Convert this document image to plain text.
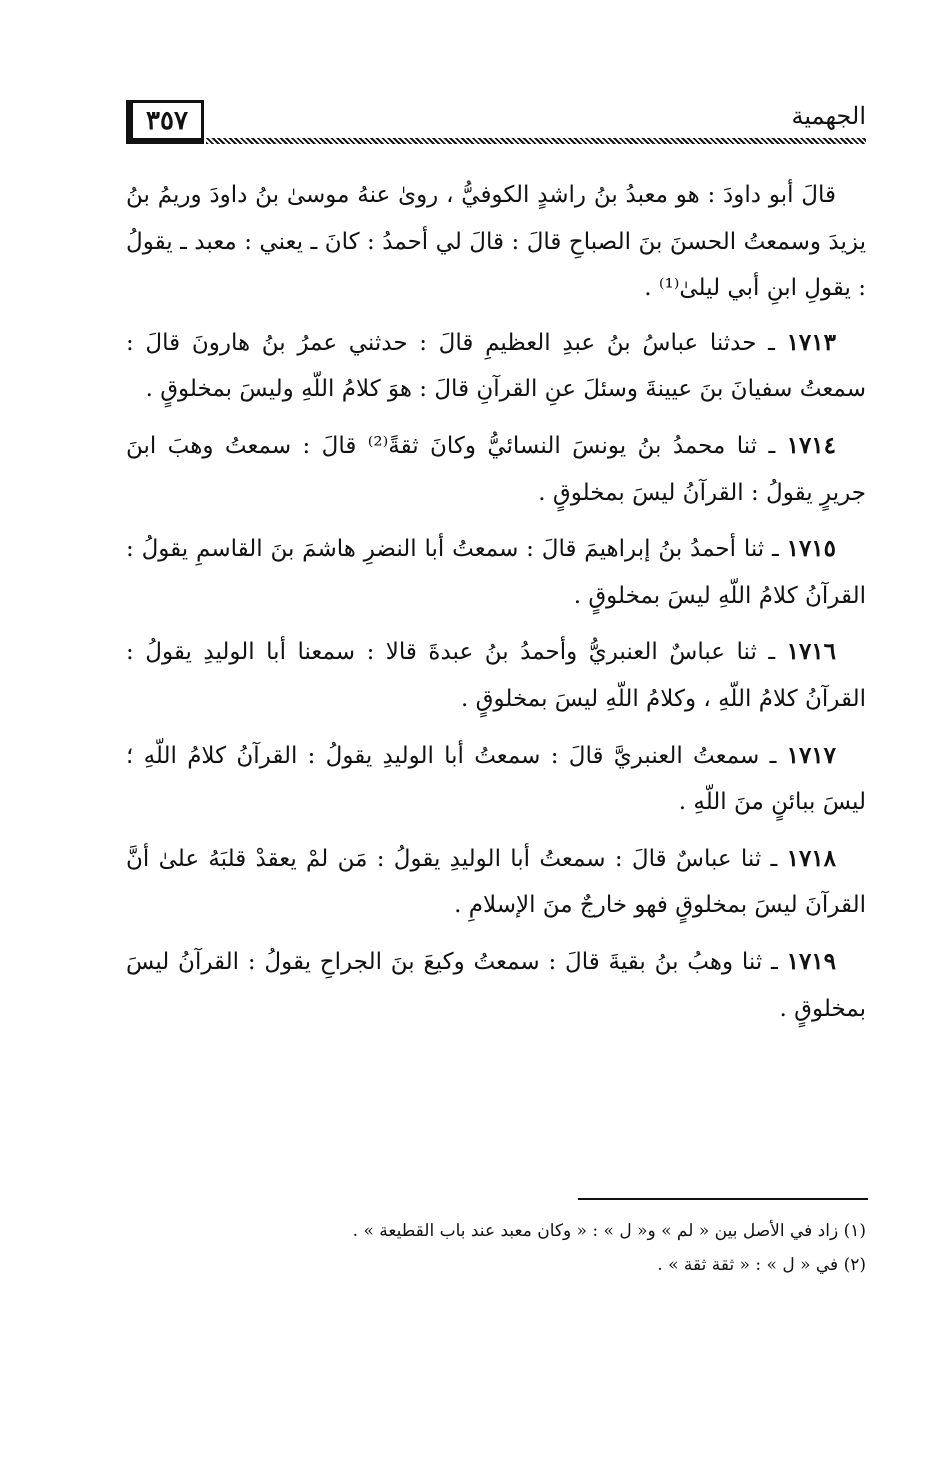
٣٥٧	الجهمية

قالَ أبو داودَ : هو معبدُ بنُ راشدٍ الكوفيُّ ، روىٰ عنهُ موسىٰ بنُ داودَ وريمُ بنُ يزيدَ وسمعتُ الحسنَ بنَ الصباحِ قالَ : قالَ لي أحمدُ : كانَ ـ يعني : معبد ـ يقولُ : يقولِ ابنِ أبي ليلىٰ⁽¹⁾ .

١٧١٣ ـ حدثنا عباسُ بنُ عبدِ العظيمِ قالَ : حدثني عمرُ بنُ هارونَ قالَ : سمعتُ سفيانَ بنَ عيينةَ وسئلَ عنِ القرآنِ قالَ : هوَ كلامُ اللّهِ وليسَ بمخلوقٍ .

١٧١٤ ـ ثنا محمدُ بنُ يونسَ النسائيُّ وكانَ ثقةً⁽²⁾ قالَ : سمعتُ وهبَ ابنَ جريرٍ يقولُ : القرآنُ ليسَ بمخلوقٍ .

١٧١٥ ـ ثنا أحمدُ بنُ إبراهيمَ قالَ : سمعتُ أبا النضرِ هاشمَ بنَ القاسمِ يقولُ : القرآنُ كلامُ اللّهِ ليسَ بمخلوقٍ .

١٧١٦ ـ ثنا عباسٌ العنبريُّ وأحمدُ بنُ عبدةَ قالا : سمعنا أبا الوليدِ يقولُ : القرآنُ كلامُ اللّهِ ، وكلامُ اللّهِ ليسَ بمخلوقٍ .

١٧١٧ ـ سمعتُ العنبريَّ قالَ : سمعتُ أبا الوليدِ يقولُ : القرآنُ كلامُ اللّهِ ؛ ليسَ ببائنٍ منَ اللّهِ .

١٧١٨ ـ ثنا عباسٌ قالَ : سمعتُ أبا الوليدِ يقولُ : مَن لمْ يعقدْ قلبَهُ علىٰ أنَّ القرآنَ ليسَ بمخلوقٍ فهو خارجٌ منَ الإسلامِ .

١٧١٩ ـ ثنا وهبُ بنُ بقيةَ قالَ : سمعتُ وكيعَ بنَ الجراحِ يقولُ : القرآنُ ليسَ بمخلوقٍ .

(١) زاد في الأصل بين « لم » و« ل » : « وكان معبد عند باب القطيعة » .

(٢) في « ل » : « ثقة ثقة » .
